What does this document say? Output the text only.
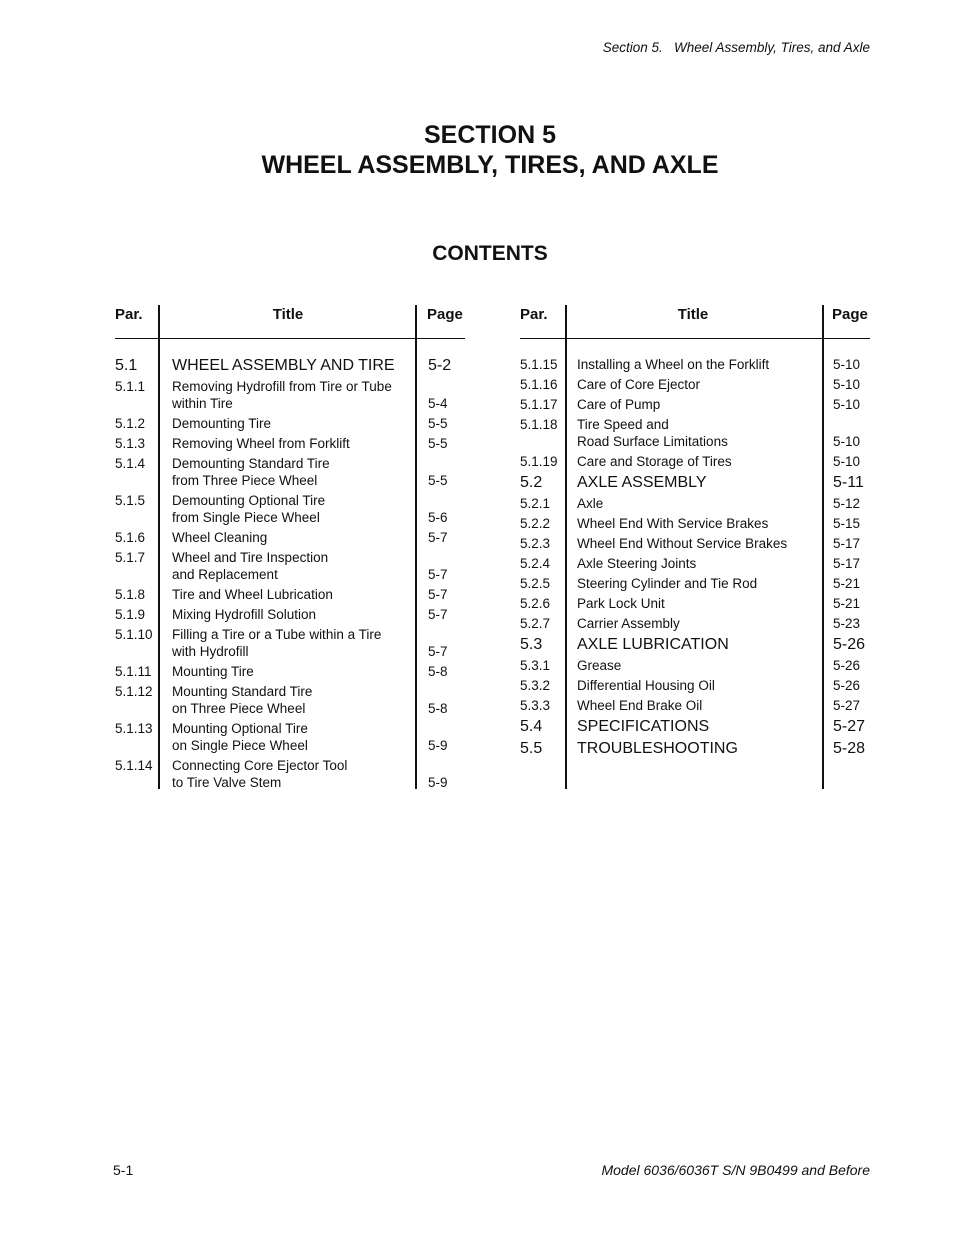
Section 5.   Wheel Assembly, Tires, and Axle
SECTION 5
WHEEL ASSEMBLY, TIRES, AND AXLE
CONTENTS
Par.	Title	Page
5.1 WHEEL ASSEMBLY AND TIRE	5-2
5.1.1 Removing Hydrofill from Tire or Tube
within Tire	5-4
5.1.2 Demounting Tire	5-5
5.1.3 Removing Wheel from Forklift	5-5
5.1.4 Demounting Standard Tire
from Three Piece Wheel	5-5
5.1.5 Demounting Optional Tire
from Single Piece Wheel	5-6
5.1.6 Wheel Cleaning	5-7
5.1.7 Wheel and Tire Inspection
and Replacement	5-7
5.1.8 Tire and Wheel Lubrication	5-7
5.1.9 Mixing Hydrofill Solution	5-7
5.1.10 Filling a Tire or a Tube within a Tire
with Hydrofill	5-7
5.1.11 Mounting Tire	5-8
5.1.12 Mounting Standard Tire
on Three Piece Wheel	5-8
5.1.13 Mounting Optional Tire
on Single Piece Wheel	5-9
5.1.14 Connecting Core Ejector Tool
to Tire Valve Stem	5-9
Par.	Title	Page
5.1.15 Installing a Wheel on the Forklift	5-10
5.1.16 Care of Core Ejector	5-10
5.1.17 Care of Pump	5-10
5.1.18 Tire Speed and
Road Surface Limitations	5-10
5.1.19 Care and Storage of Tires	5-10
5.2 AXLE ASSEMBLY	5-11
5.2.1 Axle	5-12
5.2.2 Wheel End With Service Brakes	5-15
5.2.3 Wheel End Without Service Brakes	5-17
5.2.4 Axle Steering Joints	5-17
5.2.5 Steering Cylinder and Tie Rod	5-21
5.2.6 Park Lock Unit	5-21
5.2.7 Carrier Assembly	5-23
5.3 AXLE LUBRICATION	5-26
5.3.1 Grease	5-26
5.3.2 Differential Housing Oil	5-26
5.3.3 Wheel End Brake Oil	5-27
5.4 SPECIFICATIONS	5-27
5.5 TROUBLESHOOTING	5-28
5-1	Model 6036/6036T S/N 9B0499 and Before
